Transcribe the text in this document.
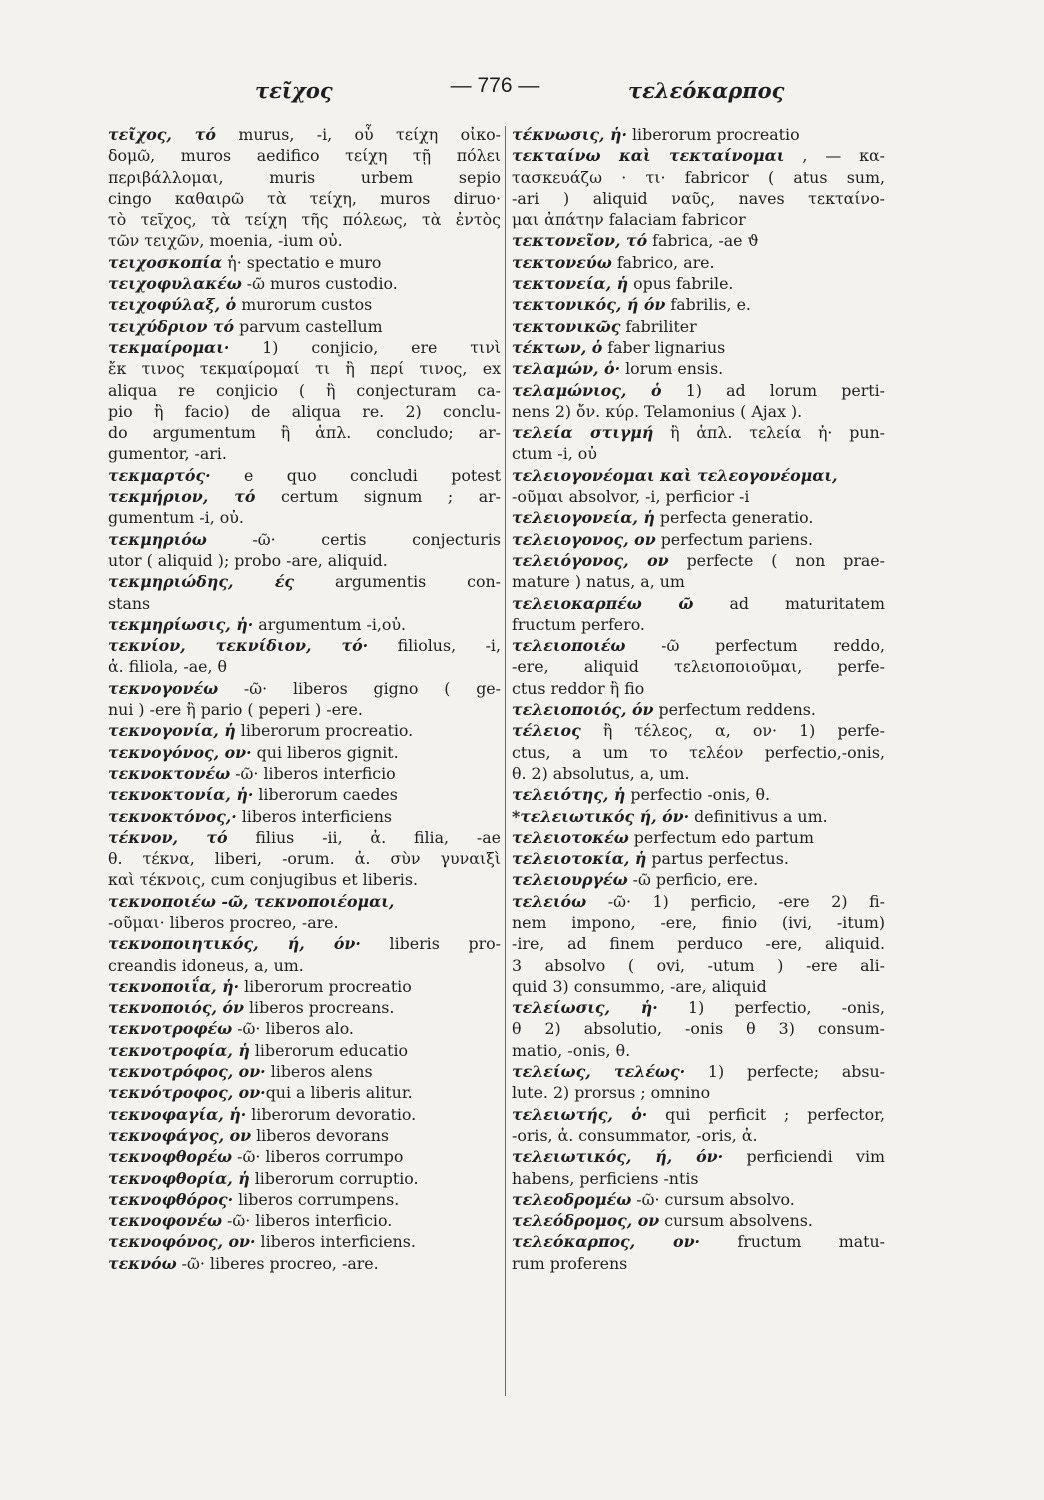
τεῖχος	— 776 —	τελεόκαρπος
τεῖχος, τό murus, -i, οὗ τείχη οἰκο-
δομῶ, muros aedifico τείχη τῇ πόλει
περιβάλλομαι, muris urbem sepio
cingo καθαιρῶ τὰ τείχη, muros diruo·
τὸ τεῖχος, τὰ τείχη τῆς πόλεως, τὰ ἐντὸς
τῶν τειχῶν, moenia, -ium οὐ.
τειχοσκοπία ἡ· spectatio e muro
τειχοφυλακέω -ῶ muros custodio.
τειχοφύλαξ, ὁ murorum custos
τειχύδριον τό parvum castellum
τεκμαίρομαι· 1) conjicio, ere τινὶ
ἔκ τινος τεκμαίρομαί τι ἢ περί τινος, ex
aliqua re conjicio ( ἢ conjecturam ca-
pio ἢ facio) de aliqua re. 2) conclu-
do argumentum ἢ ἁπλ. concludo; ar-
gumentor, -ari.
τεκμαρτός· e quo concludi potest
τεκμήριον, τό certum signum ; ar-
gumentum -i, οὐ.
τεκμηριόω -ῶ· certis conjecturis
utor ( aliquid ); probo -are, aliquid.
τεκμηριώδης, ές argumentis con-
stans
τεκμηρίωσις, ἡ· argumentum -i,οὐ.
τεκνίον, τεκνίδιον, τό· filiolus, -i,
ἀ. filiola, -ae, θ
τεκνογονέω -ῶ· liberos gigno ( ge-
nui ) -ere ἢ pario ( peperi ) -ere.
τεκνογονία, ἡ liberorum procreatio.
τεκνογόνος, ον· qui liberos gignit.
τεκνοκτονέω -ῶ· liberos interficio
τεκνοκτονία, ἡ· liberorum caedes
τεκνοκτόνος,· liberos interficiens
τέκνον, τό filius -ii, ἀ. filia, -ae
θ. τέκνα, liberi, -orum. ἀ. σὺν γυναιξὶ
καὶ τέκνοις, cum conjugibus et liberis.
τεκνοποιέω -ῶ, τεκνοποιέομαι,
-οῦμαι· liberos procreo, -are.
τεκνοποιητικός, ή, όν· liberis pro-
creandis idoneus, a, um.
τεκνοποιΐα, ἡ· liberorum procreatio
τεκνοποιός, όν liberos procreans.
τεκνοτροφέω -ῶ· liberos alo.
τεκνοτροφία, ἡ liberorum educatio
τεκνοτρόφος, ον· liberos alens
τεκνότροφος, ον·qui a liberis alitur.
τεκνοφαγία, ἡ· liberorum devoratio.
τεκνοφάγος, ον liberos devorans
τεκνοφθορέω -ῶ· liberos corrumpo
τεκνοφθορία, ἡ liberorum corruptio.
τεκνοφθόρος· liberos corrumpens.
τεκνοφονέω -ῶ· liberos interficio.
τεκνοφόνος, ον· liberos interficiens.
τεκνόω -ῶ· liberes procreo, -are.
τέκνωσις, ἡ· liberorum procreatio
τεκταίνω καὶ τεκταίνομαι , — κα-
τασκευάζω · τι· fabricor ( atus sum,
-ari ) aliquid ναῦς, naves τεκταίνο-
μαι ἀπάτην falaciam fabricor
τεκτονεῖον, τό fabrica, -ae ϑ
τεκτονεύω fabrico, are.
τεκτονεία, ἡ opus fabrile.
τεκτονικός, ή όν fabrilis, e.
τεκτονικῶς fabriliter
τέκτων, ὁ faber lignarius
τελαμών, ὁ· lorum ensis.
τελαμώνιος, ὁ 1) ad lorum perti-
nens 2) ὄν. κύρ. Telamonius ( Ajax ).
τελεία στιγμή ἢ ἁπλ. τελεία ἡ· pun-
ctum -i, οὐ
τελειογονέομαι καὶ τελεογονέομαι,
-οῦμαι absolvor, -i, perficior -i
τελειογονεία, ἡ perfecta generatio.
τελειογονος, ον perfectum pariens.
τελειόγονος, ον perfecte ( non prae-
mature ) natus, a, um
τελειοκαρπέω ῶ ad maturitatem
fructum perfero.
τελειοποιέω -ῶ perfectum reddo,
-ere, aliquid τελειοποιοῦμαι, perfe-
ctus reddor ἢ fio
τελειοποιός, όν perfectum reddens.
τέλειος ἢ τέλεος, α, ον· 1) perfe-
ctus, a um το τελέον perfectio,-onis,
θ. 2) absolutus, a, um.
τελειότης, ἡ perfectio -onis, θ.
*τελειωτικός ή, όν· definitivus a um.
τελειοτοκέω perfectum edo partum
τελειοτοκία, ἡ partus perfectus.
τελειουργέω -ῶ perficio, ere.
τελειόω -ῶ· 1) perficio, -ere 2) fi-
nem impono, -ere, finio (ivi, -itum)
-ire, ad finem perduco -ere, aliquid.
3 absolvo ( ovi, -utum ) -ere ali-
quid 3) consummo, -are, aliquid
τελείωσις, ἡ· 1) perfectio, -onis,
θ 2) absolutio, -onis θ 3) consum-
matio, -onis, θ.
τελείως, τελέως· 1) perfecte; absu-
lute. 2) prorsus ; omnino
τελειωτής, ὁ· qui perficit ; perfector,
-oris, ἀ. consummator, -oris, ἀ.
τελειωτικός, ή, όν· perficiendi vim
habens, perficiens -ntis
τελεοδρομέω -ῶ· cursum absolvo.
τελεόδρομος, ον cursum absolvens.
τελεόκαρπος, ον· fructum matu-
rum proferens
